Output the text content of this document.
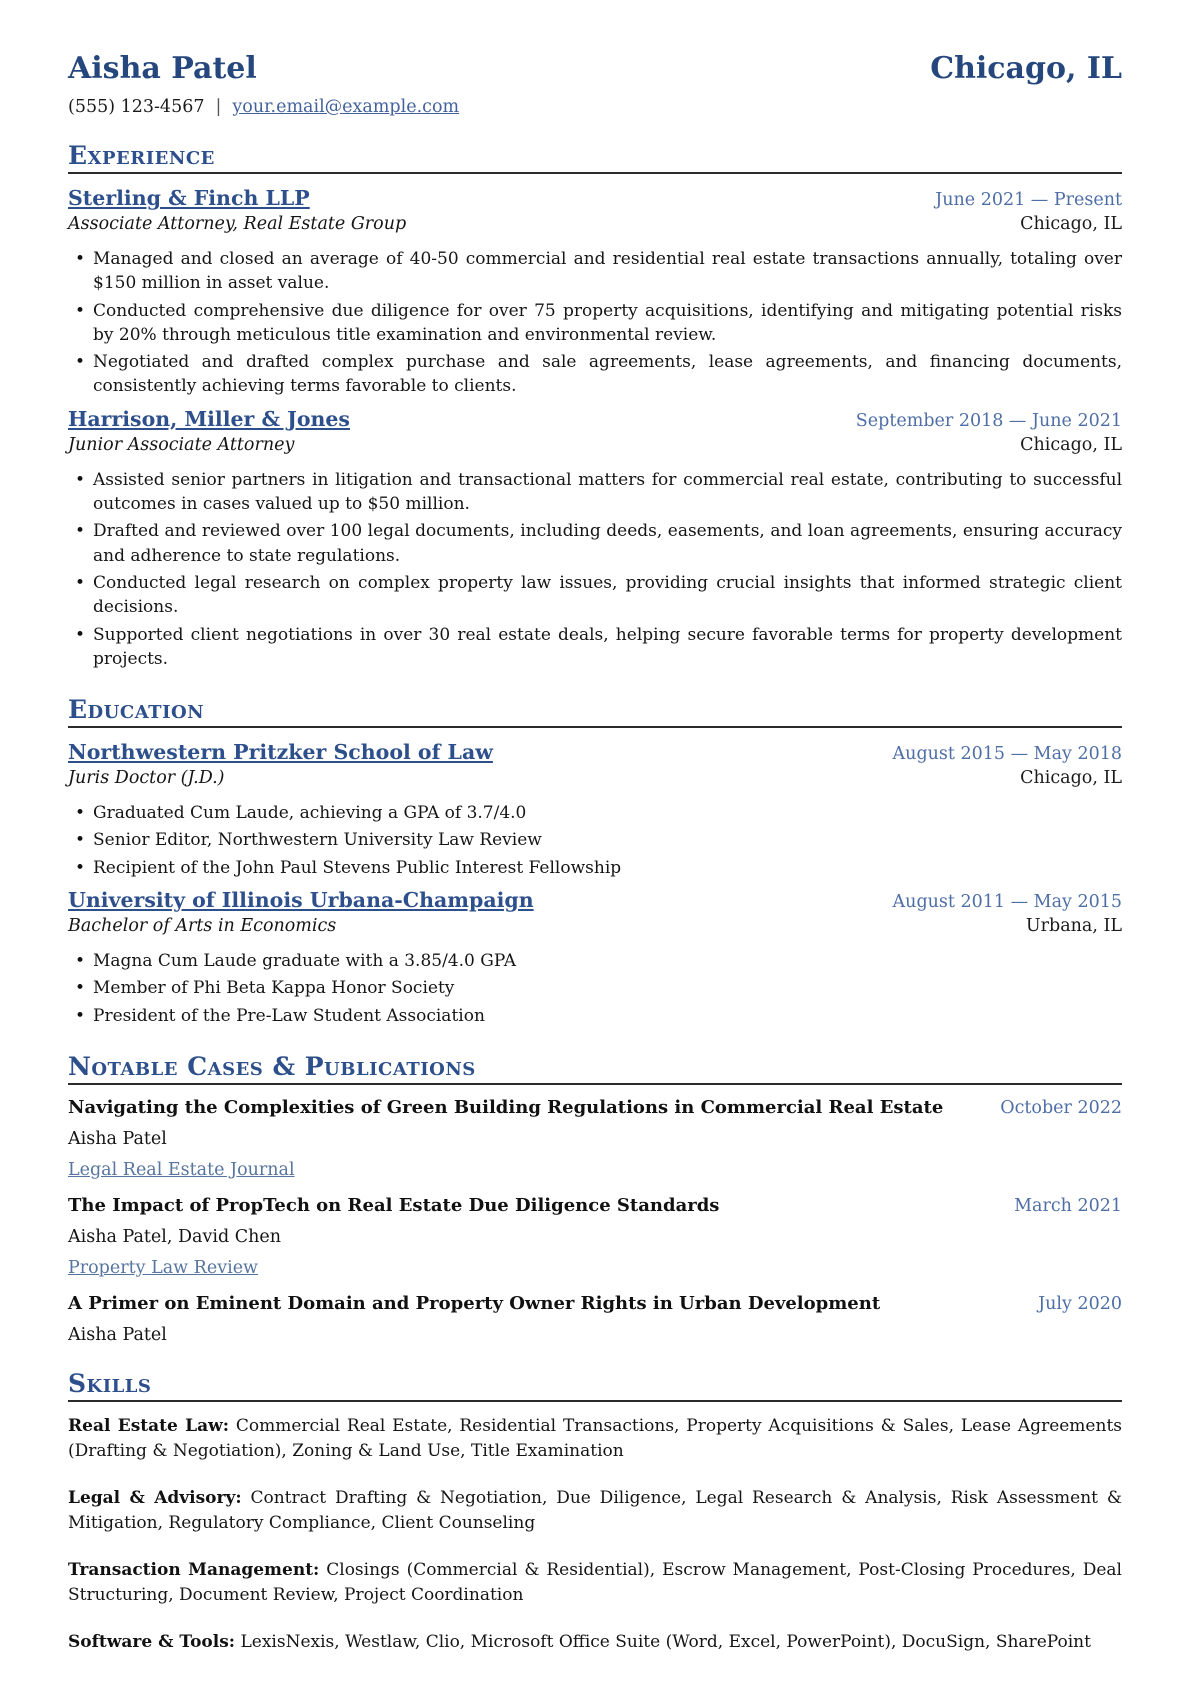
Aisha Patel	Chicago, IL
(555) 123-4567 | your.email@example.com
Experience
Sterling & Finch LLP	June 2021 — Present
Associate Attorney, Real Estate Group	Chicago, IL
• Managed and closed an average of 40-50 commercial and residential real estate transactions annually, totaling over $150 million in asset value.
• Conducted comprehensive due diligence for over 75 property acquisitions, identifying and mitigating potential risks by 20% through meticulous title examination and environmental review.
• Negotiated and drafted complex purchase and sale agreements, lease agreements, and financing documents, consistently achieving terms favorable to clients.
Harrison, Miller & Jones	September 2018 — June 2021
Junior Associate Attorney	Chicago, IL
• Assisted senior partners in litigation and transactional matters for commercial real estate, contributing to successful outcomes in cases valued up to $50 million.
• Drafted and reviewed over 100 legal documents, including deeds, easements, and loan agreements, ensuring accuracy and adherence to state regulations.
• Conducted legal research on complex property law issues, providing crucial insights that informed strategic client decisions.
• Supported client negotiations in over 30 real estate deals, helping secure favorable terms for property development projects.
Education
Northwestern Pritzker School of Law	August 2015 — May 2018
Juris Doctor (J.D.)	Chicago, IL
• Graduated Cum Laude, achieving a GPA of 3.7/4.0
• Senior Editor, Northwestern University Law Review
• Recipient of the John Paul Stevens Public Interest Fellowship
University of Illinois Urbana-Champaign	August 2011 — May 2015
Bachelor of Arts in Economics	Urbana, IL
• Magna Cum Laude graduate with a 3.85/4.0 GPA
• Member of Phi Beta Kappa Honor Society
• President of the Pre-Law Student Association
Notable Cases & Publications
Navigating the Complexities of Green Building Regulations in Commercial Real Estate	October 2022
Aisha Patel
Legal Real Estate Journal
The Impact of PropTech on Real Estate Due Diligence Standards	March 2021
Aisha Patel, David Chen
Property Law Review
A Primer on Eminent Domain and Property Owner Rights in Urban Development	July 2020
Aisha Patel
Skills

Real Estate Law: Commercial Real Estate, Residential Transactions, Property Acquisitions & Sales, Lease Agreements (Drafting & Negotiation), Zoning & Land Use, Title Examination

Legal & Advisory: Contract Drafting & Negotiation, Due Diligence, Legal Research & Analysis, Risk Assessment & Mitigation, Regulatory Compliance, Client Counseling

Transaction Management: Closings (Commercial & Residential), Escrow Management, Post-Closing Procedures, Deal Structuring, Document Review, Project Coordination

Software & Tools: LexisNexis, Westlaw, Clio, Microsoft Office Suite (Word, Excel, PowerPoint), DocuSign, SharePoint
